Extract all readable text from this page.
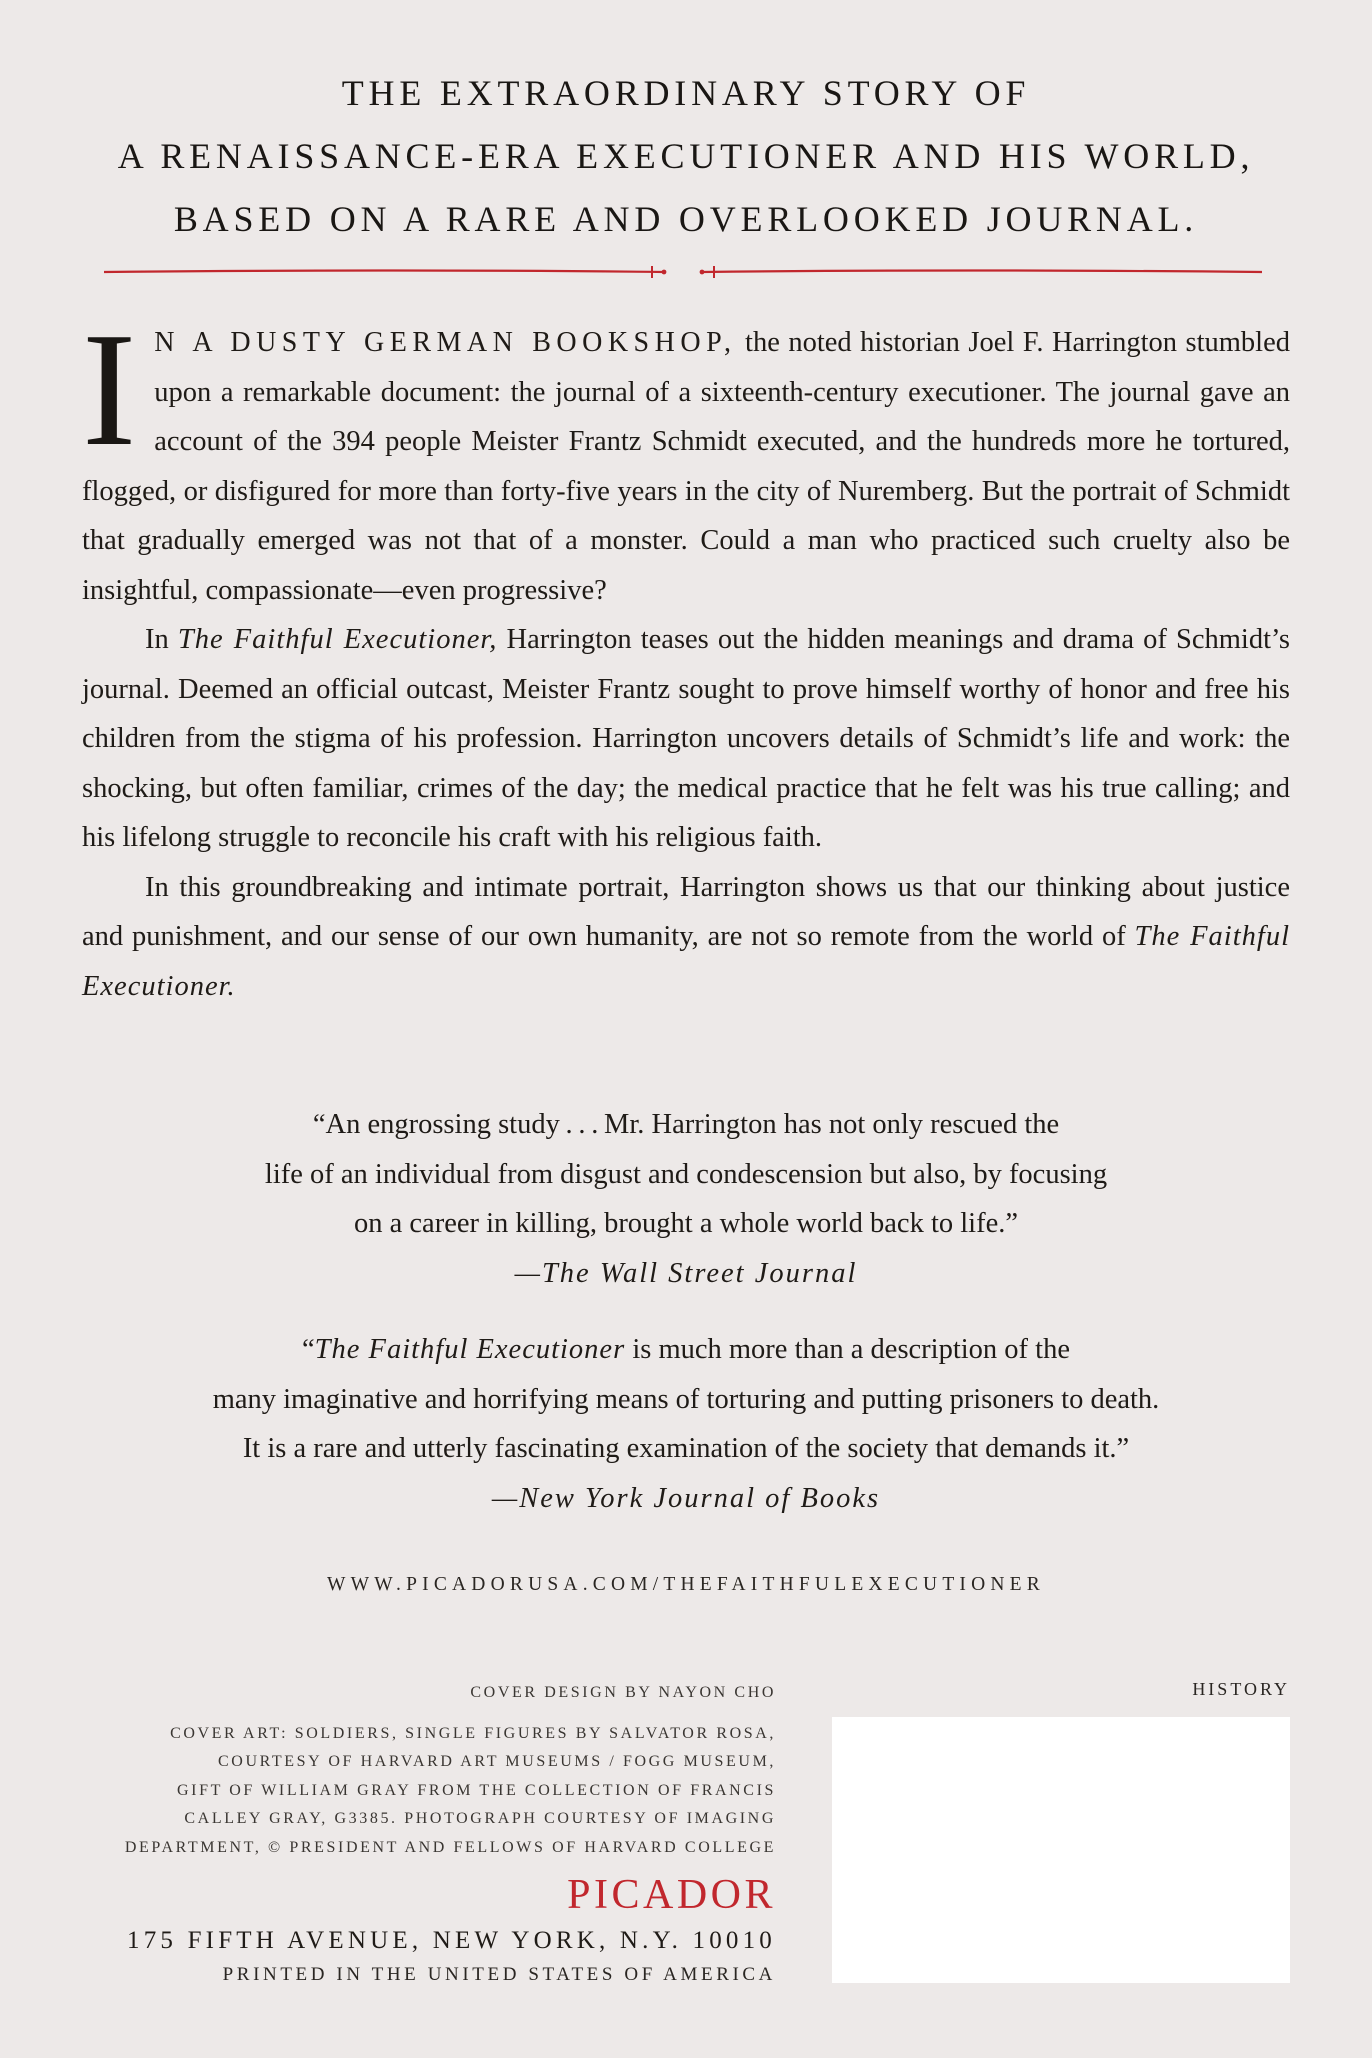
THE EXTRAORDINARY STORY OF
A RENAISSANCE-ERA EXECUTIONER AND HIS WORLD,
BASED ON A RARE AND OVERLOOKED JOURNAL.

I N A DUSTY GERMAN BOOKSHOP, the noted historian Joel F. Harrington stumbled upon a remarkable document: the journal of a sixteenth-century executioner. The journal gave an account of the 394 people Meister Frantz Schmidt executed, and the hundreds more he tortured, flogged, or disfigured for more than forty-five years in the city of Nuremberg. But the portrait of Schmidt that gradually emerged was not that of a monster. Could a man who practiced such cruelty also be insightful, compassionate—even progressive?

In The Faithful Executioner, Harrington teases out the hidden meanings and drama of Schmidt’s journal. Deemed an official outcast, Meister Frantz sought to prove himself worthy of honor and free his children from the stigma of his profession. Harrington uncovers details of Schmidt’s life and work: the shocking, but often familiar, crimes of the day; the medical practice that he felt was his true calling; and his lifelong struggle to reconcile his craft with his religious faith.

In this groundbreaking and intimate portrait, Harrington shows us that our thinking about justice and punishment, and our sense of our own humanity, are not so remote from the world of The Faithful Executioner.

“An engrossing study . . . Mr. Harrington has not only rescued the
life of an individual from disgust and condescension but also, by focusing
on a career in killing, brought a whole world back to life.”
—The Wall Street Journal
“The Faithful Executioner is much more than a description of the
many imaginative and horrifying means of torturing and putting prisoners to death.
It is a rare and utterly fascinating examination of the society that demands it.”
—New York Journal of Books
WWW.PICADORUSA.COM/THEFAITHFULEXECUTIONER
COVER DESIGN BY NAYON CHO
COVER ART: SOLDIERS, SINGLE FIGURES BY SALVATOR ROSA,
COURTESY OF HARVARD ART MUSEUMS / FOGG MUSEUM,
GIFT OF WILLIAM GRAY FROM THE COLLECTION OF FRANCIS
CALLEY GRAY, G3385. PHOTOGRAPH COURTESY OF IMAGING
DEPARTMENT, © PRESIDENT AND FELLOWS OF HARVARD COLLEGE
PICADOR
175 FIFTH AVENUE, NEW YORK, N.Y. 10010
PRINTED IN THE UNITED STATES OF AMERICA
HISTORY
